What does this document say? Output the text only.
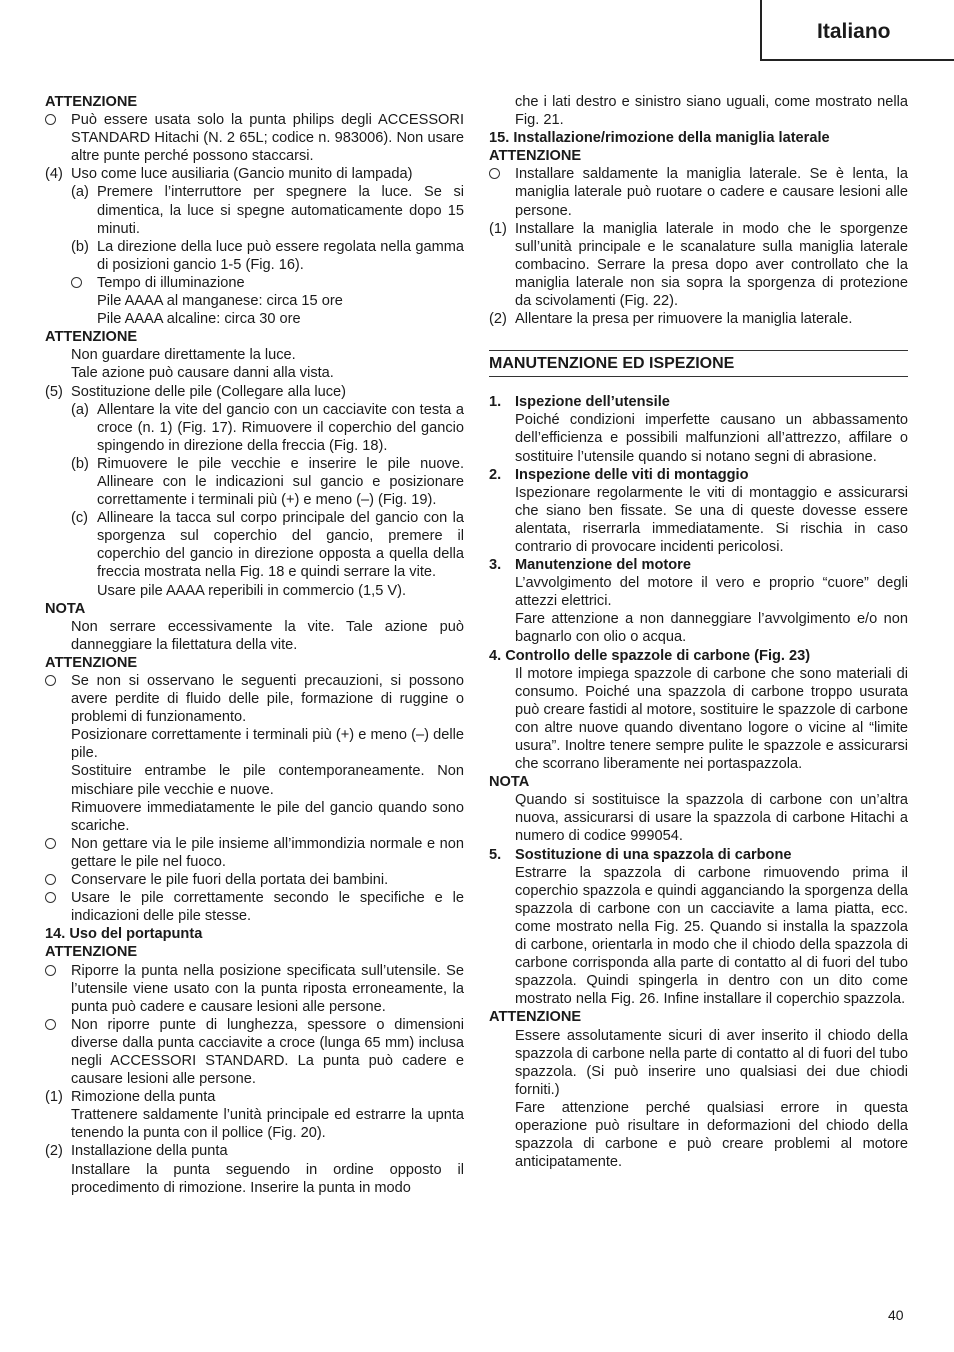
Italiano
ATTENZIONE
Può essere usata solo la punta philips degli ACCESSORI STANDARD Hitachi (N. 2 65L; codice n. 983006). Non usare altre punte perché possono staccarsi.
(4) Uso come luce ausiliaria (Gancio munito di lampada)
(a) Premere l’interruttore per spegnere la luce. Se si dimentica, la luce si spegne automaticamente dopo 15 minuti.
(b) La direzione della luce può essere regolata nella gamma di posizioni gancio 1-5 (Fig. 16).
Tempo di illuminazione
Pile AAAA al manganese: circa 15 ore
Pile AAAA alcaline: circa 30 ore
ATTENZIONE
Non guardare direttamente la luce.
Tale azione può causare danni alla vista.
(5) Sostituzione delle pile (Collegare alla luce)
(a) Allentare la vite del gancio con un cacciavite con testa a croce (n. 1) (Fig. 17). Rimuovere il coperchio del gancio spingendo in direzione della freccia (Fig. 18).
(b) Rimuovere le pile vecchie e inserire le pile nuove. Allineare con le indicazioni sul gancio e posizionare correttamente i terminali più (+) e meno (–) (Fig. 19).
(c) Allineare la tacca sul corpo principale del gancio con la sporgenza sul coperchio del gancio, premere il coperchio del gancio in direzione opposta a quella della freccia mostrata nella Fig. 18 e quindi serrare la vite.
Usare pile AAAA reperibili in commercio (1,5 V).
NOTA
Non serrare eccessivamente la vite. Tale azione può danneggiare la filettatura della vite.
ATTENZIONE
Se non si osservano le seguenti precauzioni, si possono avere perdite di fluido delle pile, formazione di ruggine o problemi di funzionamento.
Posizionare correttamente i terminali più (+) e meno (–) delle pile.
Sostituire entrambe le pile contemporaneamente. Non mischiare pile vecchie e nuove.
Rimuovere immediatamente le pile del gancio quando sono scariche.
Non gettare via le pile insieme all’immondizia normale e non gettare le pile nel fuoco.
Conservare le pile fuori della portata dei bambini.
Usare le pile correttamente secondo le specifiche e le indicazioni delle pile stesse.
14. Uso del portapunta
ATTENZIONE
Riporre la punta nella posizione specificata sull’utensile. Se l’utensile viene usato con la punta riposta erroneamente, la punta può cadere e causare lesioni alle persone.
Non riporre punte di lunghezza, spessore o dimensioni diverse dalla punta cacciavite a croce (lunga 65 mm) inclusa negli ACCESSORI STANDARD. La punta può cadere e causare lesioni alle persone.
(1) Rimozione della punta
Trattenere saldamente l’unità principale ed estrarre la upnta tenendo la punta con il pollice (Fig. 20).
(2) Installazione della punta
Installare la punta seguendo in ordine opposto il procedimento di rimozione. Inserire la punta in modo
che i lati destro e sinistro siano uguali, come mostrato nella Fig. 21.
15. Installazione/rimozione della maniglia laterale
ATTENZIONE
Installare saldamente la maniglia laterale. Se è lenta, la maniglia laterale può ruotare o cadere e causare lesioni alle persone.
(1) Installare la maniglia laterale in modo che le sporgenze sull’unità principale e le scanalature sulla maniglia laterale combacino. Serrare la presa dopo aver controllato che la maniglia laterale non sia sopra la sporgenza di protezione da scivolamenti (Fig. 22).
(2) Allentare la presa per rimuovere la maniglia laterale.
MANUTENZIONE ED ISPEZIONE
1. Ispezione dell’utensile
Poiché condizioni imperfette causano un abbassamento dell’efficienza e possibili malfunzioni all’attrezzo, affilare o sostituire l’utensile quando si notano segni di abrasione.
2. Inspezione delle viti di montaggio
Ispezionare regolarmente le viti di montaggio e assicurarsi che siano ben fissate. Se una di queste dovesse essere alentata, riserrarla immediatamente. Si rischia in caso contrario di provocare incidenti pericolosi.
3. Manutenzione del motore
L’avvolgimento del motore il vero e proprio “cuore” degli attezzi elettrici.
Fare attenzione a non danneggiare l’avvolgimento e/o non bagnarlo con olio o acqua.
4. Controllo delle spazzole di carbone (Fig. 23)
Il motore impiega spazzole di carbone che sono materiali di consumo. Poiché una spazzola di carbone troppo usurata può creare fastidi al motore, sostituire le spazzole di carbone con altre nuove quando diventano logore o vicine al “limite usura”. Inoltre tenere sempre pulite le spazzole e assicurarsi che scorrano liberamente nei portaspazzola.
NOTA
Quando si sostituisce la spazzola di carbone con un’altra nuova, assicurarsi di usare la spazzola di carbone Hitachi a numero di codice 999054.
5. Sostituzione di una spazzola di carbone
Estrarre la spazzola di carbone rimuovendo prima il coperchio spazzola e quindi agganciando la sporgenza della spazzola di carbone con un cacciavite a lama piatta, ecc. come mostrato nella Fig. 25. Quando si installa la spazzola di carbone, orientarla in modo che il chiodo della spazzola di carbone corrisponda alla parte di contatto al di fuori del tubo spazzola. Quindi spingerla in dentro con un dito come mostrato nella Fig. 26. Infine installare il coperchio spazzola.
ATTENZIONE
Essere assolutamente sicuri di aver inserito il chiodo della spazzola di carbone nella parte di contatto al di fuori del tubo spazzola. (Si può inserire uno qualsiasi dei due chiodi forniti.)
Fare attenzione perché qualsiasi errore in questa operazione può risultare in deformazioni del chiodo della spazzola di carbone e può creare problemi al motore anticipatamente.
40
